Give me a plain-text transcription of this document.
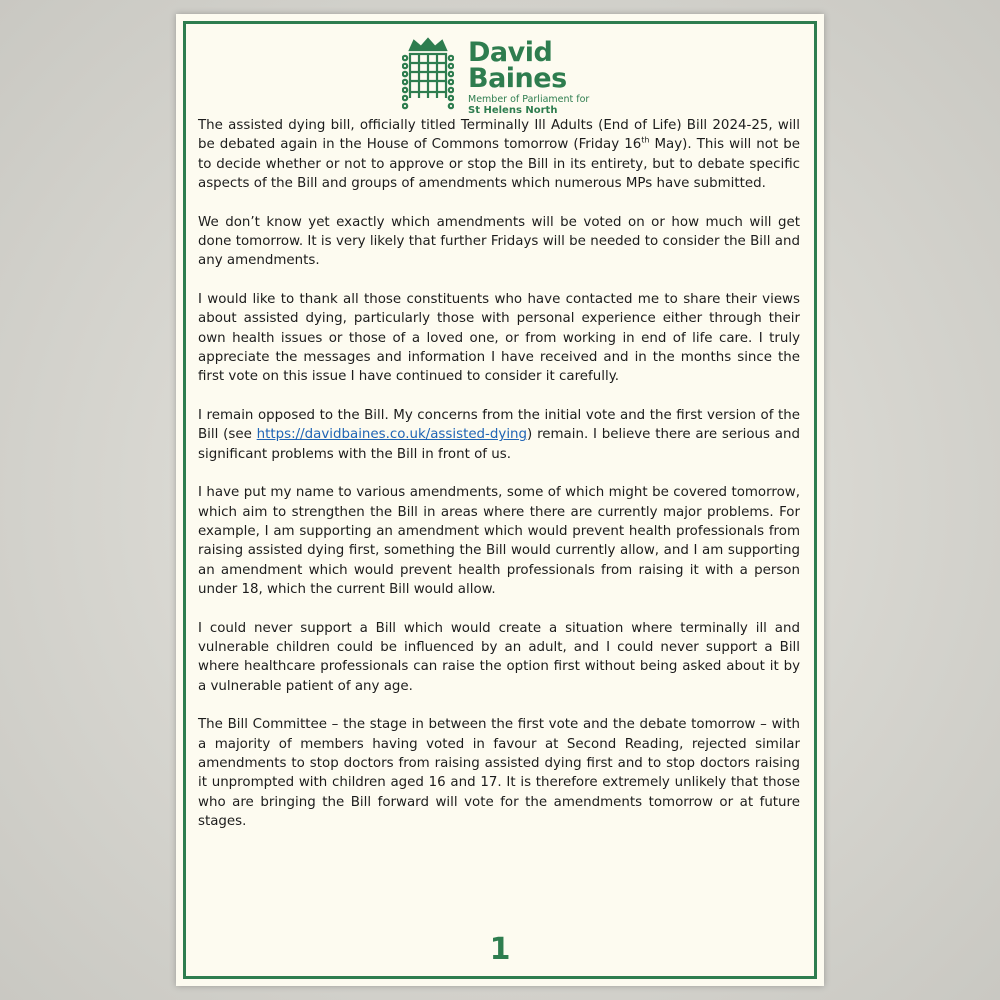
David
Baines
Member of Parliament for
St Helens North

The assisted dying bill, officially titled Terminally Ill Adults (End of Life) Bill 2024-25, will be debated again in the House of Commons tomorrow (Friday 16th May). This will not be to decide whether or not to approve or stop the Bill in its entirety, but to debate specific aspects of the Bill and groups of amendments which numerous MPs have submitted.

We don’t know yet exactly which amendments will be voted on or how much will get done tomorrow. It is very likely that further Fridays will be needed to consider the Bill and any amendments.

I would like to thank all those constituents who have contacted me to share their views about assisted dying, particularly those with personal experience either through their own health issues or those of a loved one, or from working in end of life care. I truly appreciate the messages and information I have received and in the months since the first vote on this issue I have continued to consider it carefully.

I remain opposed to the Bill. My concerns from the initial vote and the first version of the Bill (see https://davidbaines.co.uk/assisted-dying) remain. I believe there are serious and significant problems with the Bill in front of us.

I have put my name to various amendments, some of which might be covered tomorrow, which aim to strengthen the Bill in areas where there are currently major problems. For example, I am supporting an amendment which would prevent health professionals from raising assisted dying first, something the Bill would currently allow, and I am supporting an amendment which would prevent health professionals from raising it with a person under 18, which the current Bill would allow.

I could never support a Bill which would create a situation where terminally ill and vulnerable children could be influenced by an adult, and I could never support a Bill where healthcare professionals can raise the option first without being asked about it by a vulnerable patient of any age.

The Bill Committee – the stage in between the first vote and the debate tomorrow – with a majority of members having voted in favour at Second Reading, rejected similar amendments to stop doctors from raising assisted dying first and to stop doctors raising it unprompted with children aged 16 and 17. It is therefore extremely unlikely that those who are bringing the Bill forward will vote for the amendments tomorrow or at future stages.

1
